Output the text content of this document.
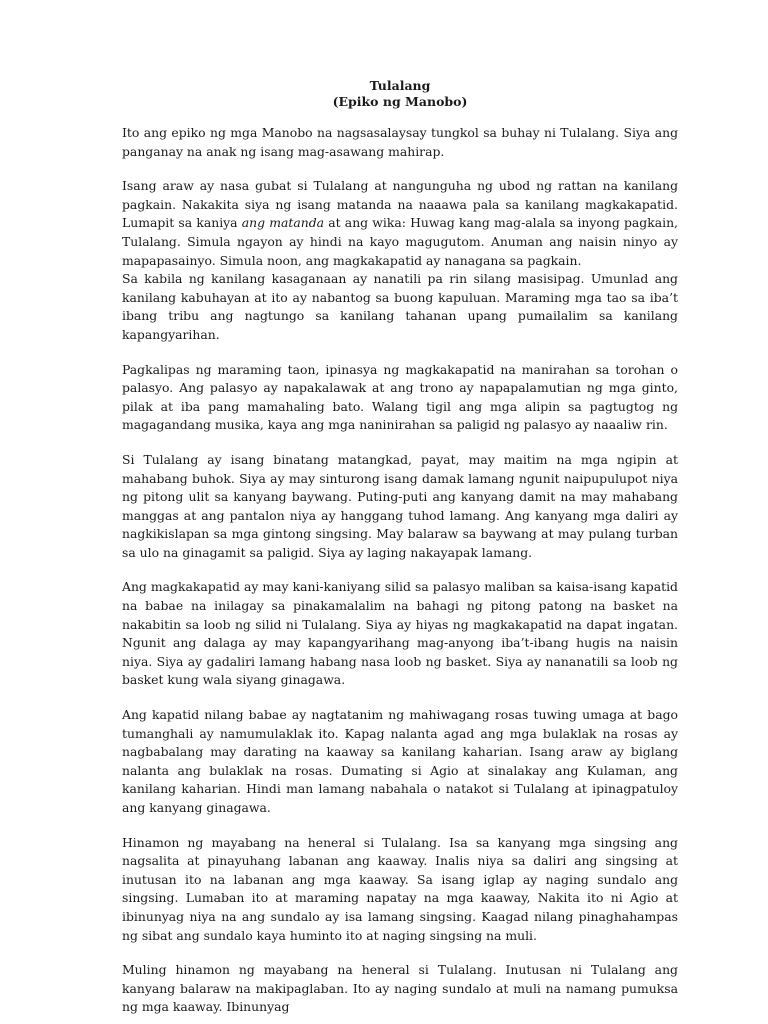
Tulalang
(Epiko ng Manobo)

Ito ang epiko ng mga Manobo na nagsasalaysay tungkol sa buhay ni Tulalang. Siya ang panganay na anak ng isang mag-asawang mahirap.

Isang araw ay nasa gubat si Tulalang at nangunguha ng ubod ng rattan na kanilang pagkain. Nakakita siya ng isang matanda na naaawa pala sa kanilang magkakapatid. Lumapit sa kaniya ang matanda at ang wika: Huwag kang mag-alala sa inyong pagkain, Tulalang. Simula ngayon ay hindi na kayo magugutom. Anuman ang naisin ninyo ay mapapasainyo. Simula noon, ang magkakapatid ay nanagana sa pagkain.

Sa kabila ng kanilang kasaganaan ay nanatili pa rin silang masisipag. Umunlad ang kanilang kabuhayan at ito ay nabantog sa buong kapuluan. Maraming mga tao sa iba’t ibang tribu ang nagtungo sa kanilang tahanan upang pumailalim sa kanilang kapangyarihan.

Pagkalipas ng maraming taon, ipinasya ng magkakapatid na manirahan sa torohan o palasyo. Ang palasyo ay napakalawak at ang trono ay napapalamutian ng mga ginto, pilak at iba pang mamahaling bato. Walang tigil ang mga alipin sa pagtugtog ng magagandang musika, kaya ang mga naninirahan sa paligid ng palasyo ay naaaliw rin.

Si Tulalang ay isang binatang matangkad, payat, may maitim na mga ngipin at mahabang buhok. Siya ay may sinturong isang damak lamang ngunit naipupulupot niya ng pitong ulit sa kanyang baywang. Puting-puti ang kanyang damit na may mahabang manggas at ang pantalon niya ay hanggang tuhod lamang. Ang kanyang mga daliri ay nagkikislapan sa mga gintong singsing. May balaraw sa baywang at may pulang turban sa ulo na ginagamit sa paligid. Siya ay laging nakayapak lamang.

Ang magkakapatid ay may kani-kaniyang silid sa palasyo maliban sa kaisa-isang kapatid na babae na inilagay sa pinakamalalim na bahagi ng pitong patong na basket na nakabitin sa loob ng silid ni Tulalang. Siya ay hiyas ng magkakapatid na dapat ingatan. Ngunit ang dalaga ay may kapangyarihang mag-anyong iba’t-ibang hugis na naisin niya. Siya ay gadaliri lamang habang nasa loob ng basket. Siya ay nananatili sa loob ng basket kung wala siyang ginagawa.

Ang kapatid nilang babae ay nagtatanim ng mahiwagang rosas tuwing umaga at bago tumanghali ay namumulaklak ito. Kapag nalanta agad ang mga bulaklak na rosas ay nagbabalang may darating na kaaway sa kanilang kaharian. Isang araw ay biglang nalanta ang bulaklak na rosas. Dumating si Agio at sinalakay ang Kulaman, ang kanilang kaharian. Hindi man lamang nabahala o natakot si Tulalang at ipinagpatuloy ang kanyang ginagawa.

Hinamon ng mayabang na heneral si Tulalang. Isa sa kanyang mga singsing ang nagsalita at pinayuhang labanan ang kaaway. Inalis niya sa daliri ang singsing at inutusan ito na labanan ang mga kaaway. Sa isang iglap ay naging sundalo ang singsing. Lumaban ito at maraming napatay na mga kaaway, Nakita ito ni Agio at ibinunyag niya na ang sundalo ay isa lamang singsing. Kaagad nilang pinaghahampas ng sibat ang sundalo kaya huminto ito at naging singsing na muli.

Muling hinamon ng mayabang na heneral si Tulalang. Inutusan ni Tulalang ang kanyang balaraw na makipaglaban. Ito ay naging sundalo at muli na namang pumuksa ng mga kaaway. Ibinunyag
